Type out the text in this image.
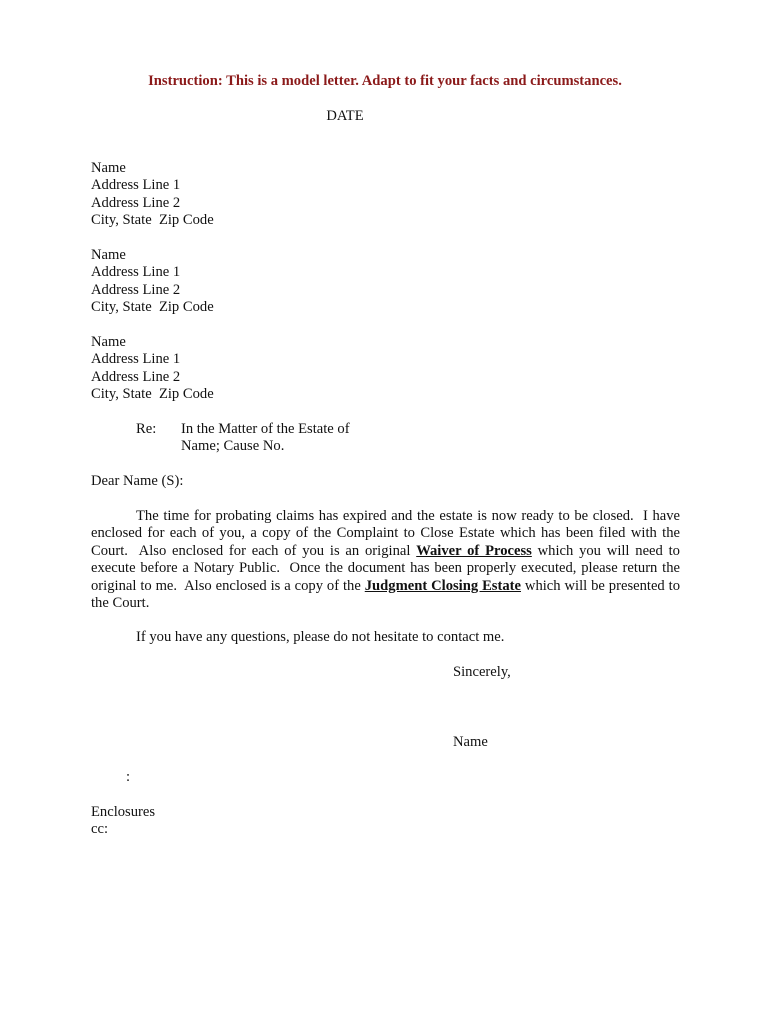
Instruction: This is a model letter. Adapt to fit your facts and circumstances.
DATE
Name
Address Line 1
Address Line 2
City, State  Zip Code
Name
Address Line 1
Address Line 2
City, State  Zip Code
Name
Address Line 1
Address Line 2
City, State  Zip Code
Re: In the Matter of the Estate of
Name; Cause No.
Dear Name (S):
The time for probating claims has expired and the estate is now ready to be closed.  I have enclosed for each of you, a copy of the Complaint to Close Estate which has been filed with the Court.  Also enclosed for each of you is an original Waiver of Process which you will need to execute before a Notary Public.  Once the document has been properly executed, please return the original to me.  Also enclosed is a copy of the Judgment Closing Estate which will be presented to the Court.
If you have any questions, please do not hesitate to contact me.
Sincerely,
Name
:
Enclosures
cc:
